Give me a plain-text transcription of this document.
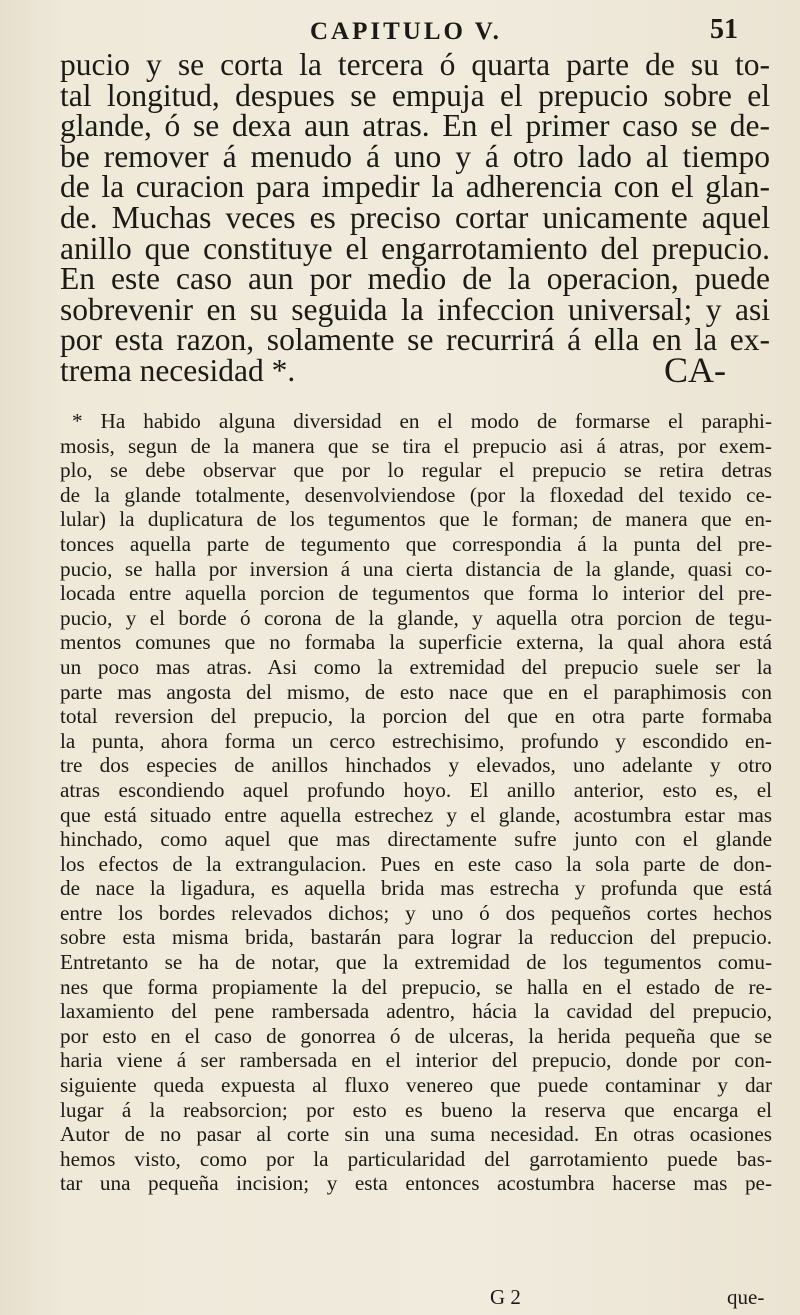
CAPITULO V.	51
pucio y se corta la tercera ó quarta parte de su to-
tal longitud, despues se empuja el prepucio sobre el
glande, ó se dexa aun atras. En el primer caso se de-
be remover á menudo á uno y á otro lado al tiempo
de la curacion para impedir la adherencia con el glan-
de. Muchas veces es preciso cortar unicamente aquel
anillo que constituye el engarrotamiento del prepucio.
En este caso aun por medio de la operacion, puede
sobrevenir en su seguida la infeccion universal; y asi
por esta razon, solamente se recurrirá á ella en la ex-
trema necesidad *.	CA-
* Ha habido alguna diversidad en el modo de formarse el paraphi-
mosis, segun de la manera que se tira el prepucio asi á atras, por exem-
plo, se debe observar que por lo regular el prepucio se retira detras
de la glande totalmente, desenvolviendose (por la floxedad del texido ce-
lular) la duplicatura de los tegumentos que le forman; de manera que en-
tonces aquella parte de tegumento que correspondia á la punta del pre-
pucio, se halla por inversion á una cierta distancia de la glande, quasi co-
locada entre aquella porcion de tegumentos que forma lo interior del pre-
pucio, y el borde ó corona de la glande, y aquella otra porcion de tegu-
mentos comunes que no formaba la superficie externa, la qual ahora está
un poco mas atras. Asi como la extremidad del prepucio suele ser la
parte mas angosta del mismo, de esto nace que en el paraphimosis con
total reversion del prepucio, la porcion del que en otra parte formaba
la punta, ahora forma un cerco estrechisimo, profundo y escondido en-
tre dos especies de anillos hinchados y elevados, uno adelante y otro
atras escondiendo aquel profundo hoyo. El anillo anterior, esto es, el
que está situado entre aquella estrechez y el glande, acostumbra estar mas
hinchado, como aquel que mas directamente sufre junto con el glande
los efectos de la extrangulacion. Pues en este caso la sola parte de don-
de nace la ligadura, es aquella brida mas estrecha y profunda que está
entre los bordes relevados dichos; y uno ó dos pequeños cortes hechos
sobre esta misma brida, bastarán para lograr la reduccion del prepucio.
Entretanto se ha de notar, que la extremidad de los tegumentos comu-
nes que forma propiamente la del prepucio, se halla en el estado de re-
laxamiento del pene rambersada adentro, hácia la cavidad del prepucio,
por esto en el caso de gonorrea ó de ulceras, la herida pequeña que se
haria viene á ser rambersada en el interior del prepucio, donde por con-
siguiente queda expuesta al fluxo venereo que puede contaminar y dar
lugar á la reabsorcion; por esto es bueno la reserva que encarga el
Autor de no pasar al corte sin una suma necesidad. En otras ocasiones
hemos visto, como por la particularidad del garrotamiento puede bas-
tar una pequeña incision; y esta entonces acostumbra hacerse mas pe-
G 2	que-
